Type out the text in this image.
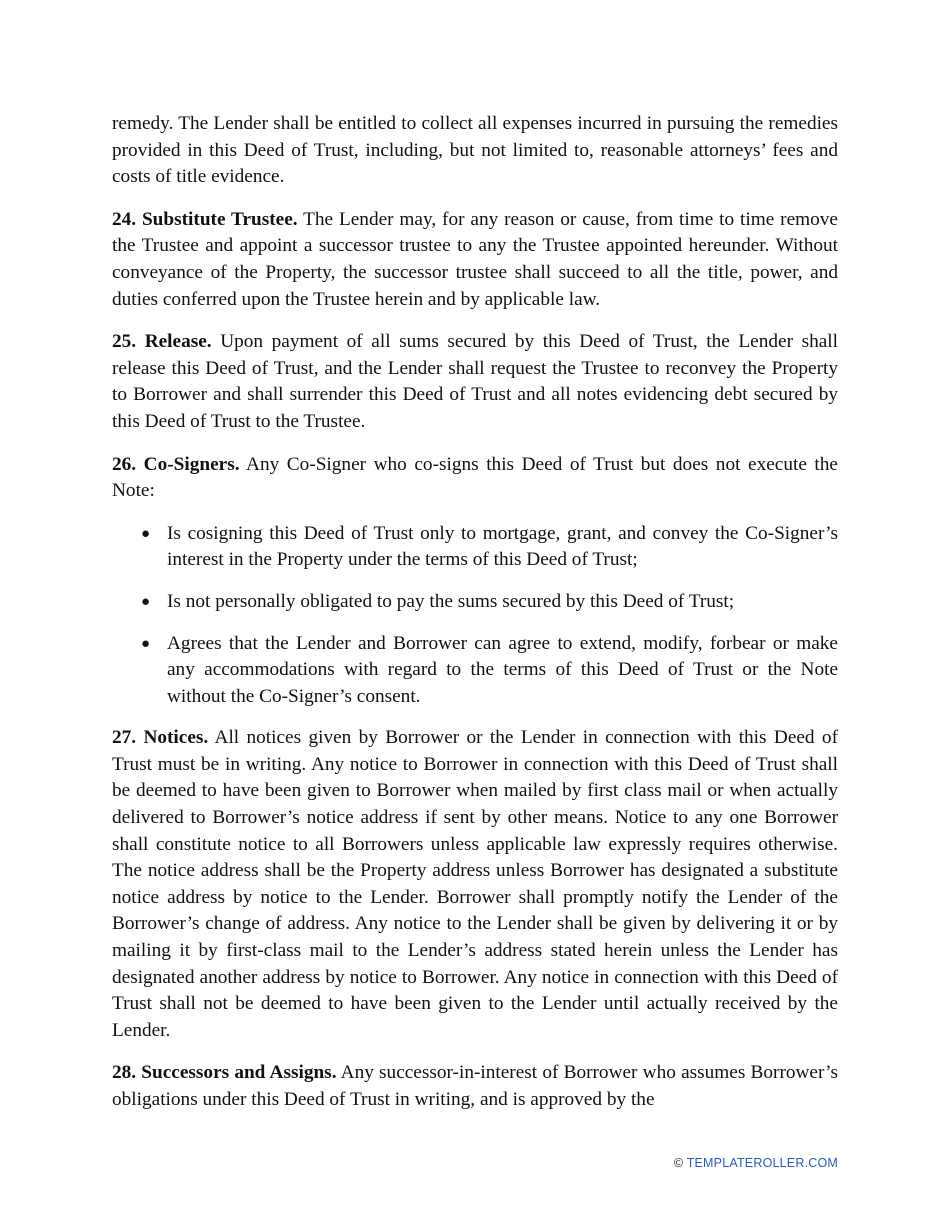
remedy. The Lender shall be entitled to collect all expenses incurred in pursuing the remedies provided in this Deed of Trust, including, but not limited to, reasonable attorneys’ fees and costs of title evidence.

24. Substitute Trustee. The Lender may, for any reason or cause, from time to time remove the Trustee and appoint a successor trustee to any the Trustee appointed hereunder. Without conveyance of the Property, the successor trustee shall succeed to all the title, power, and duties conferred upon the Trustee herein and by applicable law.

25. Release. Upon payment of all sums secured by this Deed of Trust, the Lender shall release this Deed of Trust, and the Lender shall request the Trustee to reconvey the Property to Borrower and shall surrender this Deed of Trust and all notes evidencing debt secured by this Deed of Trust to the Trustee.

26. Co-Signers. Any Co-Signer who co-signs this Deed of Trust but does not execute the Note:

● Is cosigning this Deed of Trust only to mortgage, grant, and convey the Co-Signer’s interest in the Property under the terms of this Deed of Trust;
● Is not personally obligated to pay the sums secured by this Deed of Trust;
● Agrees that the Lender and Borrower can agree to extend, modify, forbear or make any accommodations with regard to the terms of this Deed of Trust or the Note without the Co-Signer’s consent.

27. Notices. All notices given by Borrower or the Lender in connection with this Deed of Trust must be in writing. Any notice to Borrower in connection with this Deed of Trust shall be deemed to have been given to Borrower when mailed by first class mail or when actually delivered to Borrower’s notice address if sent by other means. Notice to any one Borrower shall constitute notice to all Borrowers unless applicable law expressly requires otherwise. The notice address shall be the Property address unless Borrower has designated a substitute notice address by notice to the Lender. Borrower shall promptly notify the Lender of the Borrower’s change of address. Any notice to the Lender shall be given by delivering it or by mailing it by first-class mail to the Lender’s address stated herein unless the Lender has designated another address by notice to Borrower. Any notice in connection with this Deed of Trust shall not be deemed to have been given to the Lender until actually received by the Lender.

28. Successors and Assigns. Any successor-in-interest of Borrower who assumes Borrower’s obligations under this Deed of Trust in writing, and is approved by the

© TEMPLATEROLLER.COM
